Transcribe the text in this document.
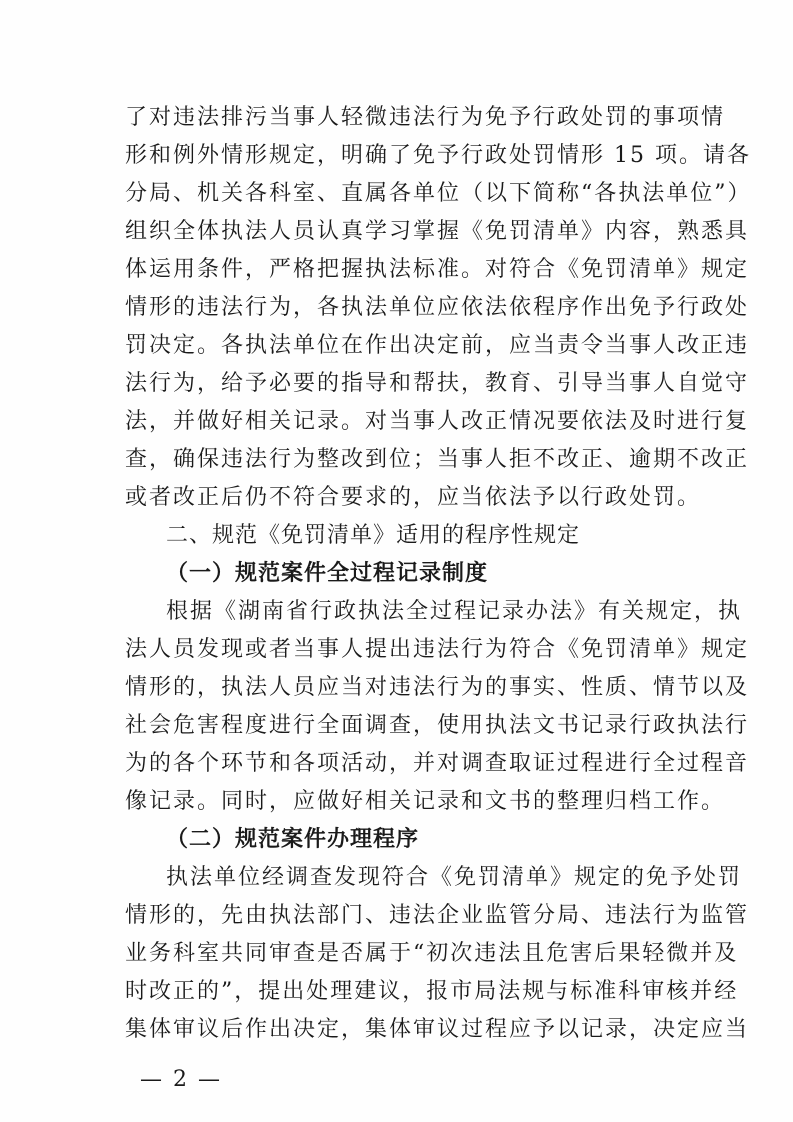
了对违法排污当事人轻微违法行为免予行政处罚的事项情
形和例外情形规定，明确了免予行政处罚情形 15 项。请各
分局、机关各科室、直属各单位（以下简称“各执法单位”）
组织全体执法人员认真学习掌握《免罚清单》内容，熟悉具
体运用条件，严格把握执法标准。对符合《免罚清单》规定
情形的违法行为，各执法单位应依法依程序作出免予行政处
罚决定。各执法单位在作出决定前，应当责令当事人改正违
法行为，给予必要的指导和帮扶，教育、引导当事人自觉守
法，并做好相关记录。对当事人改正情况要依法及时进行复
查，确保违法行为整改到位；当事人拒不改正、逾期不改正
或者改正后仍不符合要求的，应当依法予以行政处罚。
二、规范《免罚清单》适用的程序性规定
（一）规范案件全过程记录制度
根据《湖南省行政执法全过程记录办法》有关规定，执
法人员发现或者当事人提出违法行为符合《免罚清单》规定
情形的，执法人员应当对违法行为的事实、性质、情节以及
社会危害程度进行全面调查，使用执法文书记录行政执法行
为的各个环节和各项活动，并对调查取证过程进行全过程音
像记录。同时，应做好相关记录和文书的整理归档工作。
（二）规范案件办理程序
执法单位经调查发现符合《免罚清单》规定的免予处罚
情形的，先由执法部门、违法企业监管分局、违法行为监管
业务科室共同审查是否属于“初次违法且危害后果轻微并及
时改正的”，提出处理建议，报市局法规与标准科审核并经
集体审议后作出决定，集体审议过程应予以记录，决定应当
— 2 —
